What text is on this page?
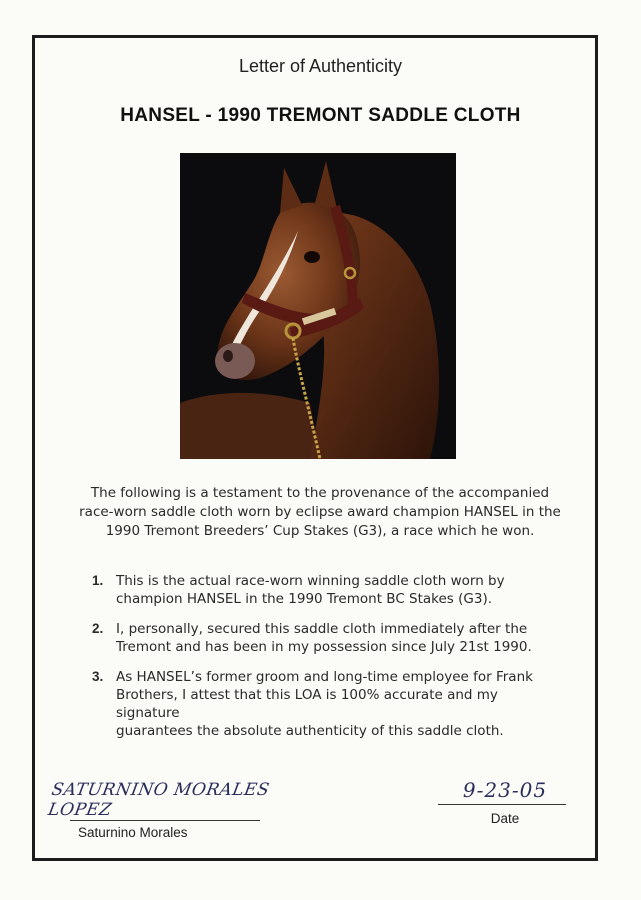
Letter of Authenticity
HANSEL - 1990 TREMONT SADDLE CLOTH

The following is a testament to the provenance of the accompanied

race-worn saddle cloth worn by eclipse award champion HANSEL in the

1990 Tremont Breeders’ Cup Stakes (G3), a race which he won.

1. This is the actual race-worn winning saddle cloth worn by
champion HANSEL in the 1990 Tremont BC Stakes (G3).
2. I, personally, secured this saddle cloth immediately after the
Tremont and has been in my possession since July 21st 1990.
3. As HANSEL’s former groom and long-time employee for Frank
Brothers, I attest that this LOA is 100% accurate and my signature
guarantees the absolute authenticity of this saddle cloth.
SATURNINO MORALES LOPEZ
Saturnino Morales
9-23-05
Date
